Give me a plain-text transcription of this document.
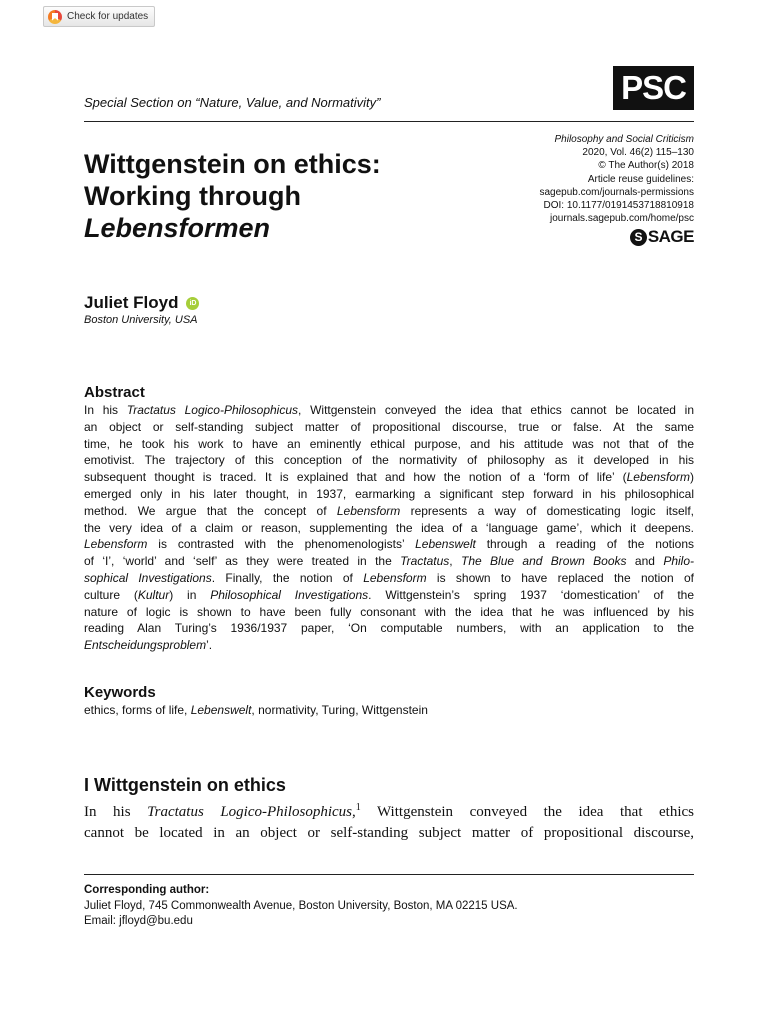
Check for updates
Special Section on “Nature, Value, and Normativity”	PSC
Wittgenstein on ethics:
Working through
Lebensformen
Philosophy and Social Criticism
2020, Vol. 46(2) 115–130
© The Author(s) 2018
Article reuse guidelines:
sagepub.com/journals-permissions
DOI: 10.1177/0191453718810918
journals.sagepub.com/home/psc
S
SAGE
Juliet Floyd	iD
Boston University, USA
Abstract
In his Tractatus Logico-Philosophicus, Wittgenstein conveyed the idea that ethics cannot be located in
an object or self-standing subject matter of propositional discourse, true or false. At the same
time, he took his work to have an eminently ethical purpose, and his attitude was not that of the
emotivist. The trajectory of this conception of the normativity of philosophy as it developed in his
subsequent thought is traced. It is explained that and how the notion of a ‘form of life’ (Lebensform)
emerged only in his later thought, in 1937, earmarking a significant step forward in his philosophical
method. We argue that the concept of Lebensform represents a way of domesticating logic itself,
the very idea of a claim or reason, supplementing the idea of a ‘language game’, which it deepens.
Lebensform is contrasted with the phenomenologists’ Lebenswelt through a reading of the notions
of ‘I’, ‘world’ and ‘self’ as they were treated in the Tractatus, The Blue and Brown Books and Philo-
sophical Investigations. Finally, the notion of Lebensform is shown to have replaced the notion of
culture (Kultur) in Philosophical Investigations. Wittgenstein’s spring 1937 ‘domestication’ of the
nature of logic is shown to have been fully consonant with the idea that he was influenced by his
reading Alan Turing’s 1936/1937 paper, ‘On computable numbers, with an application to the
Entscheidungsproblem’.
Keywords
ethics, forms of life, Lebenswelt, normativity, Turing, Wittgenstein
I Wittgenstein on ethics
In his Tractatus Logico-Philosophicus,$^1$ Wittgenstein conveyed the idea that ethics
cannot be located in an object or self-standing subject matter of propositional discourse,
Corresponding author:
Juliet Floyd, 745 Commonwealth Avenue, Boston University, Boston, MA 02215 USA.
Email: jfloyd@bu.edu
